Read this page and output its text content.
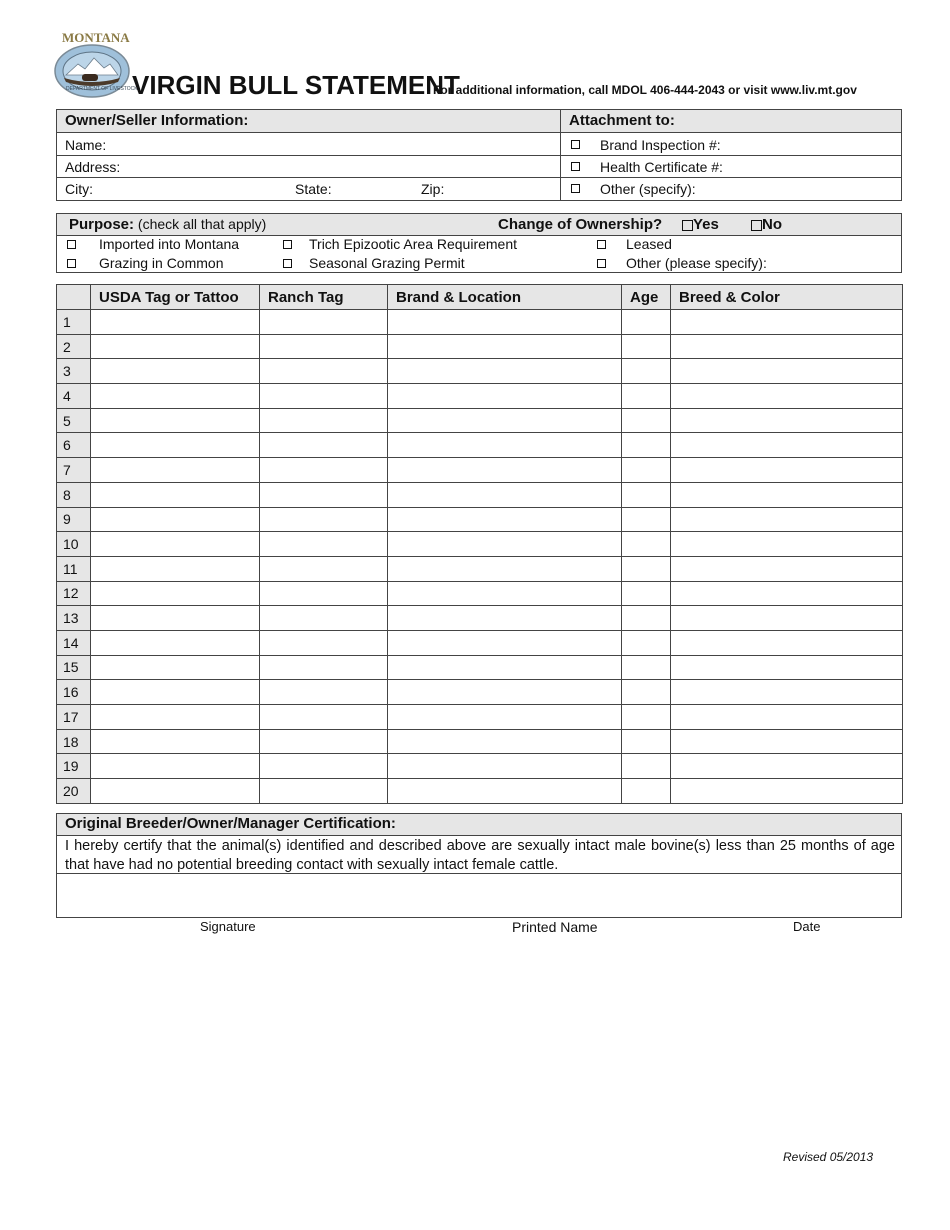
MONTANA
DEPARTMENT OF LIVESTOCK
VIRGIN BULL STATEMENT
For additional information, call MDOL 406-444-2043 or visit www.liv.mt.gov
Owner/Seller Information:	Attachment to:
Name:
Address:
City:	State:	Zip:
Brand Inspection #:
Health Certificate #:
Other (specify):
Purpose: (check all that apply)	Change of Ownership?	Yes	No
Imported into Montana	Trich Epizootic Area Requirement	Leased
Grazing in Common	Seasonal Grazing Permit	Other (please specify):
	USDA Tag or Tattoo	Ranch Tag	Brand & Location	Age	Breed & Color
1					
2					
3					
4					
5					
6					
7					
8					
9					
10					
11					
12					
13					
14					
15					
16					
17					
18					
19					
20					
Original Breeder/Owner/Manager Certification:
I hereby certify that the animal(s) identified and described above are sexually intact male bovine(s) less than 25 months of age that have had no potential breeding contact with sexually intact female cattle.
Signature	Printed Name	Date
Revised 05/2013
